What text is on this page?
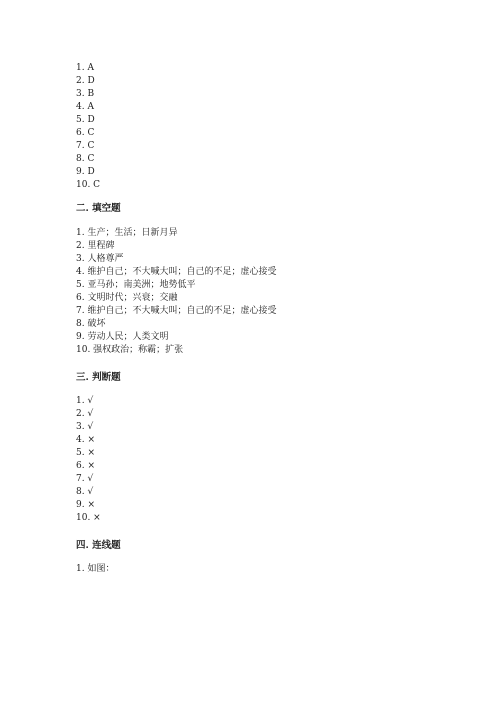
1. A
2. D
3. B
4. A
5. D
6. C
7. C
8. C
9. D
10. C
二. 填空题
1. 生产；生活；日新月异
2. 里程碑
3. 人格尊严
4. 维护自己；不大喊大叫；自己的不足；虚心接受
5. 亚马孙；南美洲；地势低平
6. 文明时代；兴衰；交融
7. 维护自己；不大喊大叫；自己的不足；虚心接受
8. 破坏
9. 劳动人民；人类文明
10. 强权政治；称霸；扩张
三. 判断题
1. √
2. √
3. √
4. ×
5. ×
6. ×
7. √
8. √
9. ×
10. ×
四. 连线题
1. 如图：
